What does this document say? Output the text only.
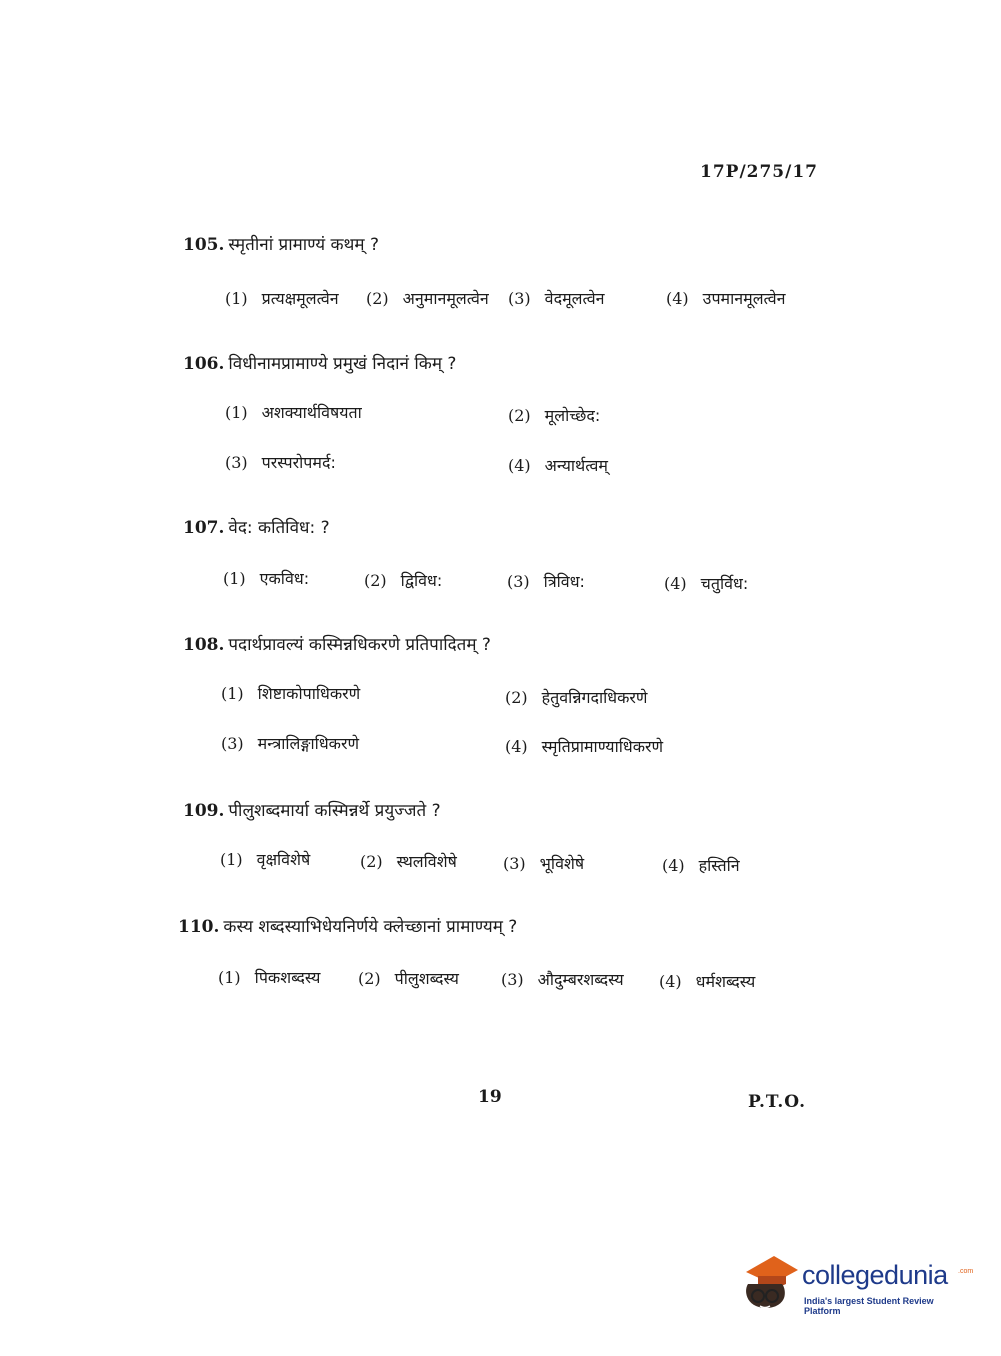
17P/275/17
105. स्मृतीनां प्रामाण्यं कथम् ?
(1) प्रत्यक्षमूलत्वेन (2) अनुमानमूलत्वेन (3) वेदमूलत्वेन	(4) उपमानमूलत्वेन
106. विधीनामप्रामाण्ये प्रमुखं निदानं किम् ?
(1) अशक्यार्थविषयता	(2) मूलोच्छेद:
(3) परस्परोपमर्द:	(4) अन्यार्थत्वम्
107. वेद: कतिविध: ?
(1) एकविध:	(2) द्विविध:	(3) त्रिविध:	(4) चतुर्विध:
108. पदार्थप्रावल्यं कस्मिन्नधिकरणे प्रतिपादितम् ?
(1) शिष्टाकोपाधिकरणे	(2) हेतुवन्निगदाधिकरणे
(3) मन्त्रालिङ्गाधिकरणे	(4) स्मृतिप्रामाण्याधिकरणे
109. पीलुशब्दमार्या कस्मिन्नर्थे प्रयुज्जते ?
(1) वृक्षविशेषे	(2) स्थलविशेषे	(3) भूविशेषे	(4) हस्तिनि
110. कस्य शब्दस्याभिधेयनिर्णये क्लेच्छानां प्रामाण्यम् ?
(1) पिकशब्दस्य (2) पीलुशब्दस्य	(3) औदुम्बरशब्दस्य (4) धर्मशब्दस्य
19	P.T.O.
collegedunia .com
India's largest Student Review Platform
